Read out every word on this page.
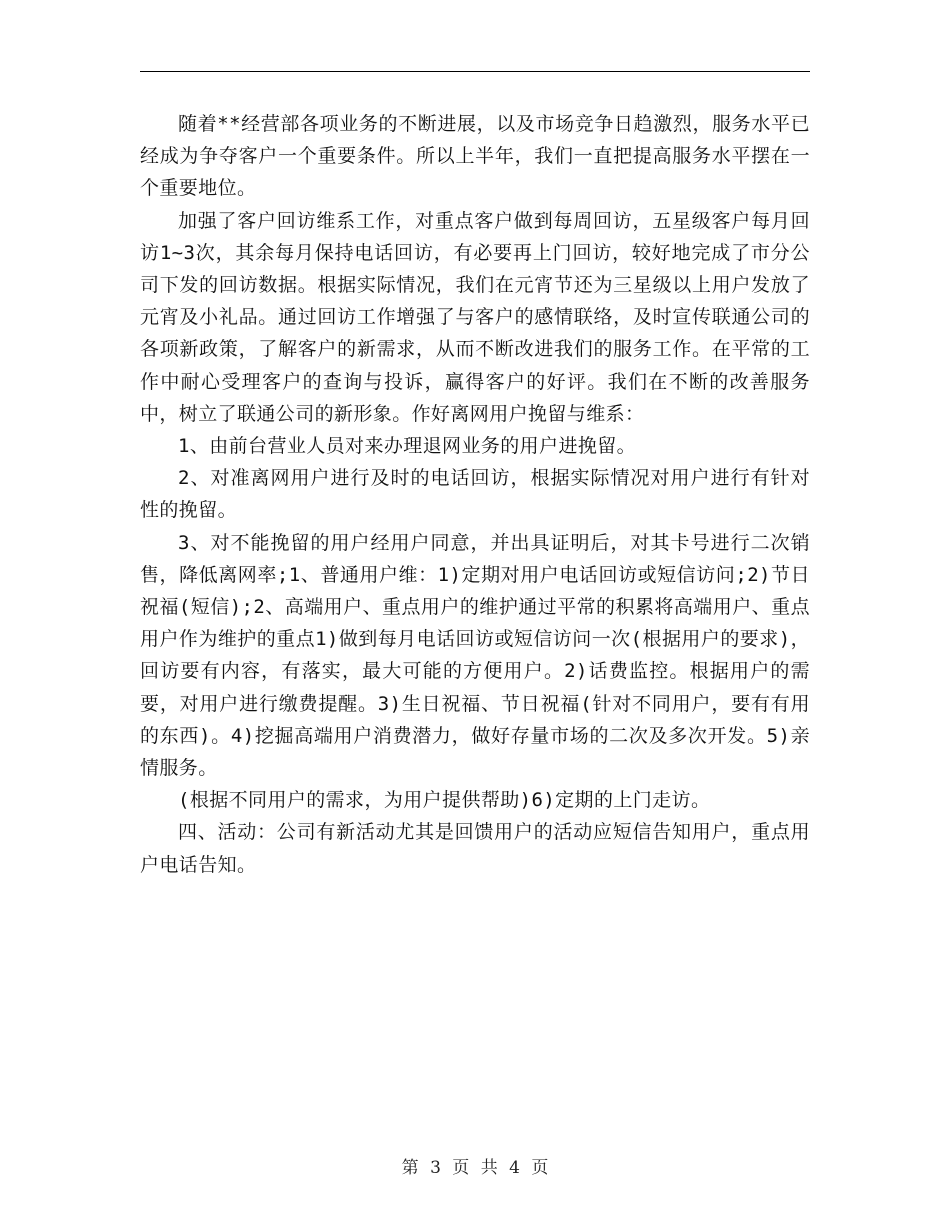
随着**经营部各项业务的不断进展，以及市场竞争日趋激烈，服务水平已经成为争夺客户一个重要条件。所以上半年，我们一直把提高服务水平摆在一个重要地位。

加强了客户回访维系工作，对重点客户做到每周回访，五星级客户每月回访1~3次，其余每月保持电话回访，有必要再上门回访，较好地完成了市分公司下发的回访数据。根据实际情况，我们在元宵节还为三星级以上用户发放了元宵及小礼品。通过回访工作增强了与客户的感情联络，及时宣传联通公司的各项新政策，了解客户的新需求，从而不断改进我们的服务工作。在平常的工作中耐心受理客户的查询与投诉，赢得客户的好评。我们在不断的改善服务中，树立了联通公司的新形象。作好离网用户挽留与维系：

1、由前台营业人员对来办理退网业务的用户进挽留。

2、对准离网用户进行及时的电话回访，根据实际情况对用户进行有针对性的挽留。

3、对不能挽留的用户经用户同意，并出具证明后，对其卡号进行二次销售，降低离网率;1、普通用户维：1)定期对用户电话回访或短信访问;2)节日祝福(短信);2、高端用户、重点用户的维护通过平常的积累将高端用户、重点用户作为维护的重点1)做到每月电话回访或短信访问一次(根据用户的要求)，回访要有内容，有落实，最大可能的方便用户。2)话费监控。根据用户的需要，对用户进行缴费提醒。3)生日祝福、节日祝福(针对不同用户，要有有用的东西)。4)挖掘高端用户消费潜力，做好存量市场的二次及多次开发。5)亲情服务。

(根据不同用户的需求，为用户提供帮助)6)定期的上门走访。

四、活动：公司有新活动尤其是回馈用户的活动应短信告知用户，重点用户电话告知。

第 3 页 共 4 页
